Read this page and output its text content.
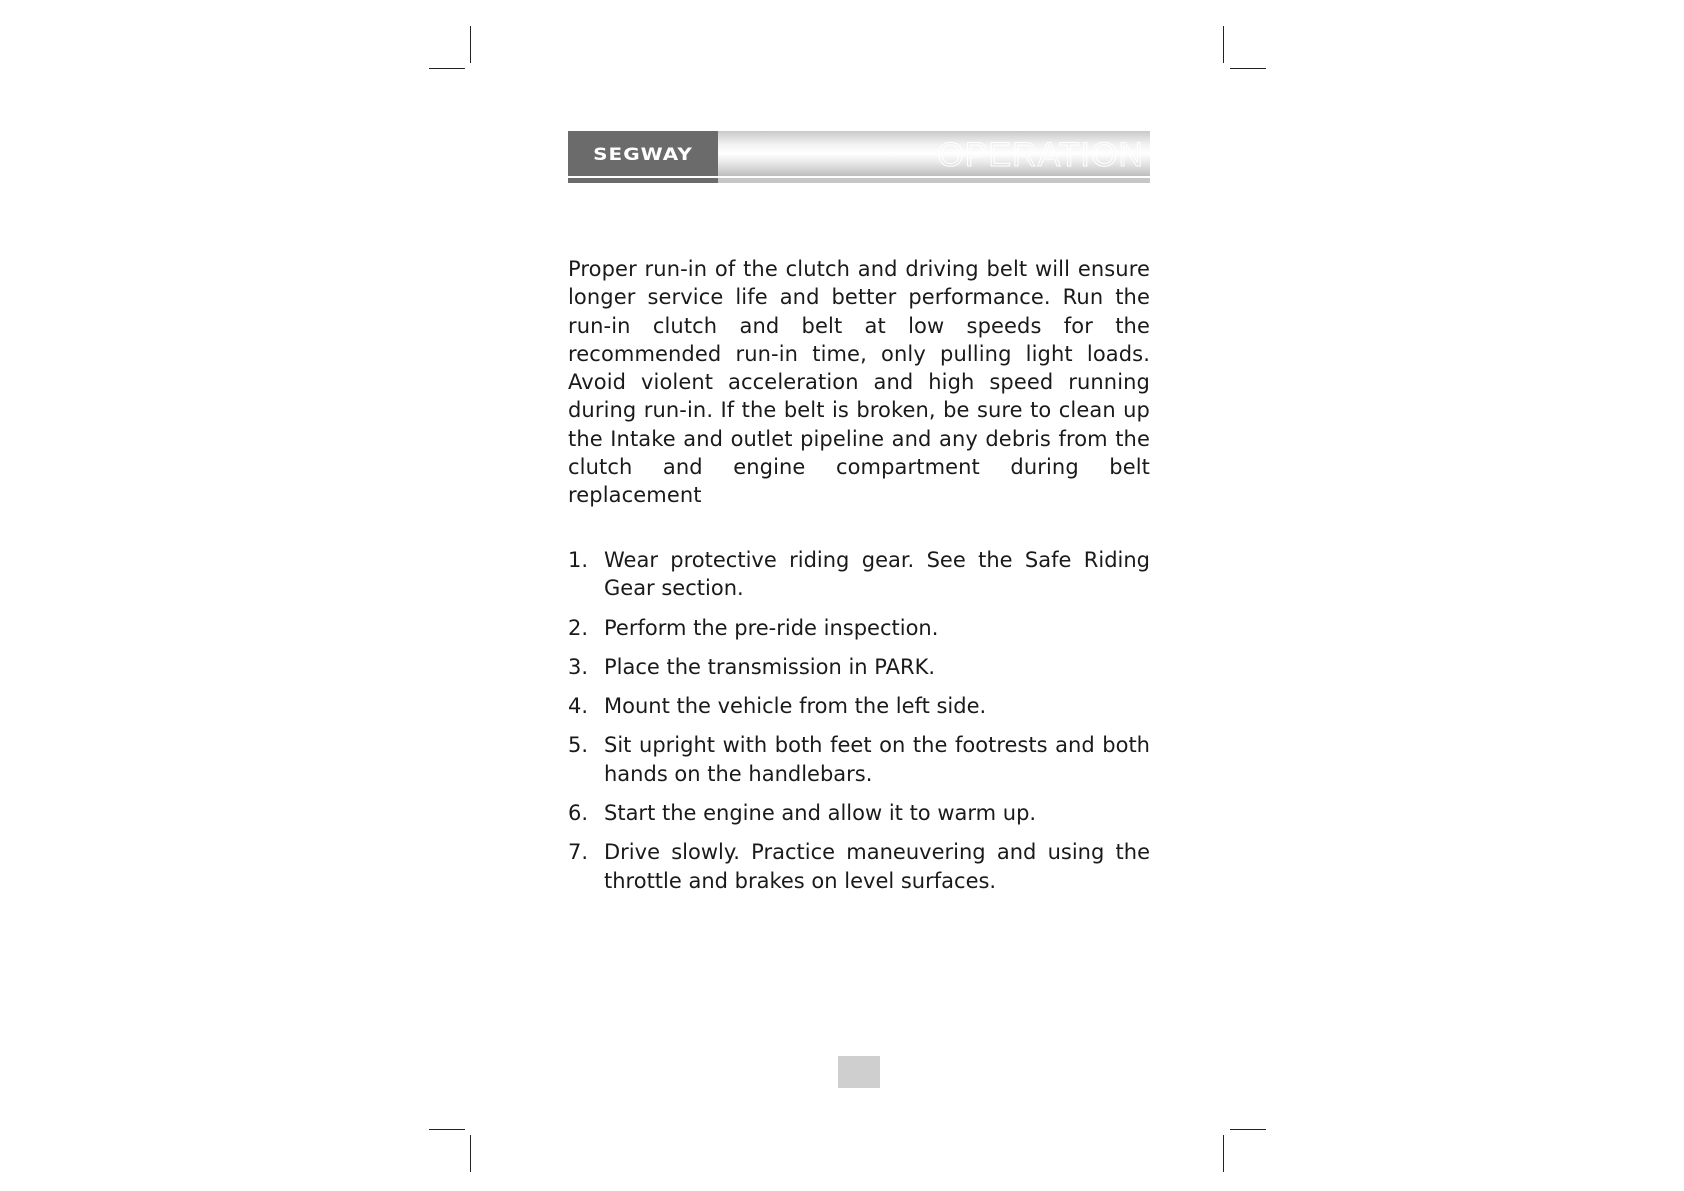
SEGWAY	OPERATION

Proper run-in of the clutch and driving belt will ensure longer service life and better performance. Run the run-in clutch and belt at low speeds for the recommended run-in time, only pulling light loads. Avoid violent acceleration and high speed running during run-in. If the belt is broken, be sure to clean up the Intake and outlet pipeline and any debris from the clutch and engine compartment during belt replacement

1. Wear protective riding gear. See the Safe Riding Gear section.
2. Perform the pre-ride inspection.
3. Place the transmission in PARK.
4. Mount the vehicle from the left side.
5. Sit upright with both feet on the footrests and both hands on the handlebars.
6. Start the engine and allow it to warm up.
7. Drive slowly. Practice maneuvering and using the throttle and brakes on level surfaces.
